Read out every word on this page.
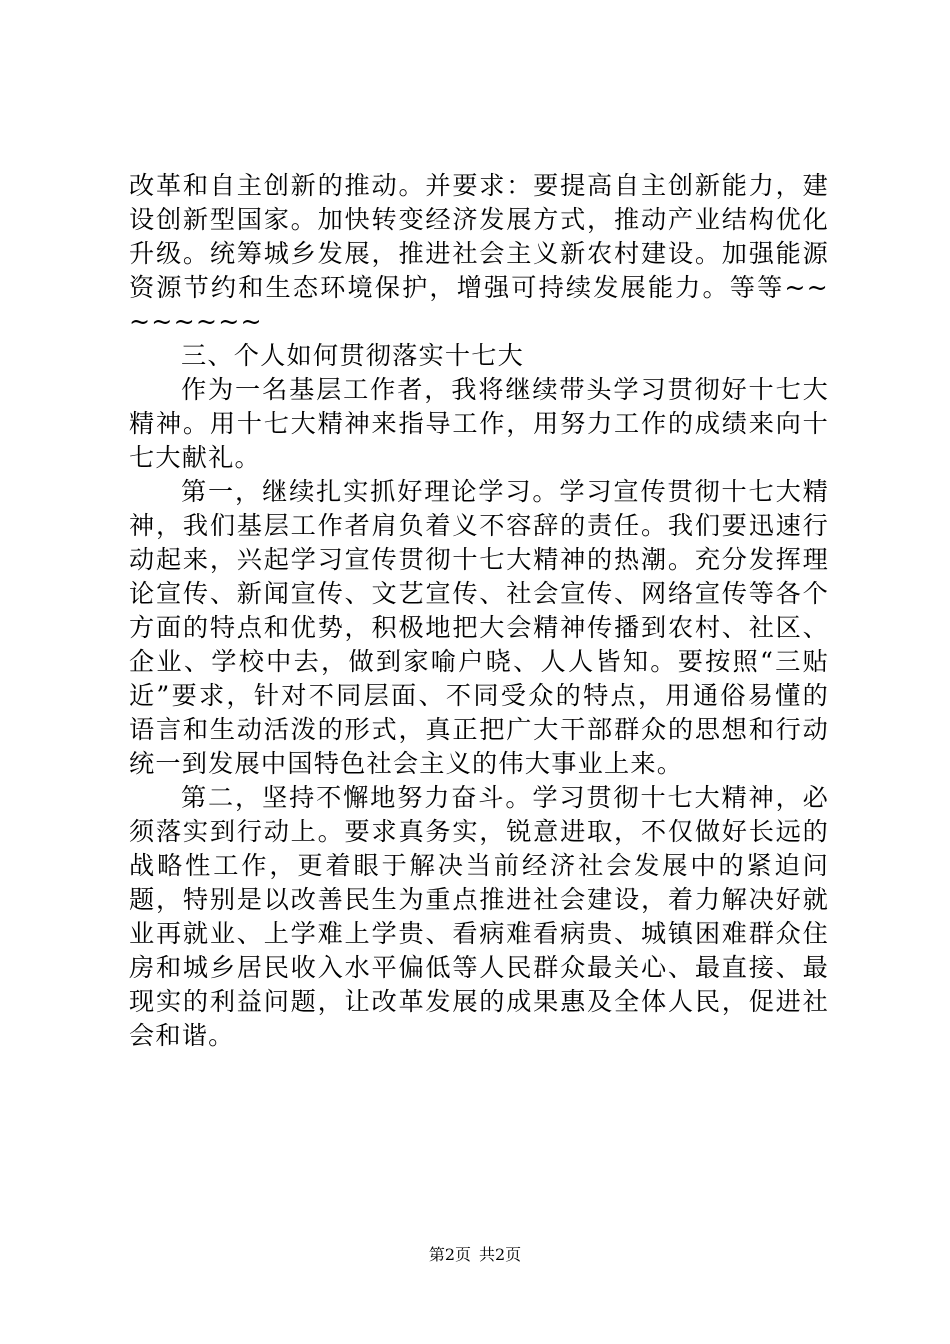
改革和自主创新的推动。并要求：要提高自主创新能力，建设创新型国家。加快转变经济发展方式，推动产业结构优化升级。统筹城乡发展，推进社会主义新农村建设。加强能源资源节约和生态环境保护，增强可持续发展能力。等等~~~~~~~~

三、个人如何贯彻落实十七大

作为一名基层工作者，我将继续带头学习贯彻好十七大精神。用十七大精神来指导工作，用努力工作的成绩来向十七大献礼。

第一，继续扎实抓好理论学习。学习宣传贯彻十七大精神，我们基层工作者肩负着义不容辞的责任。我们要迅速行动起来，兴起学习宣传贯彻十七大精神的热潮。充分发挥理论宣传、新闻宣传、文艺宣传、社会宣传、网络宣传等各个方面的特点和优势，积极地把大会精神传播到农村、社区、企业、学校中去，做到家喻户晓、人人皆知。要按照“三贴近”要求，针对不同层面、不同受众的特点，用通俗易懂的语言和生动活泼的形式，真正把广大干部群众的思想和行动统一到发展中国特色社会主义的伟大事业上来。

第二，坚持不懈地努力奋斗。学习贯彻十七大精神，必须落实到行动上。要求真务实，锐意进取，不仅做好长远的战略性工作，更着眼于解决当前经济社会发展中的紧迫问题，特别是以改善民生为重点推进社会建设，着力解决好就业再就业、上学难上学贵、看病难看病贵、城镇困难群众住房和城乡居民收入水平偏低等人民群众最关心、最直接、最现实的利益问题，让改革发展的成果惠及全体人民，促进社会和谐。

第2页 共2页
